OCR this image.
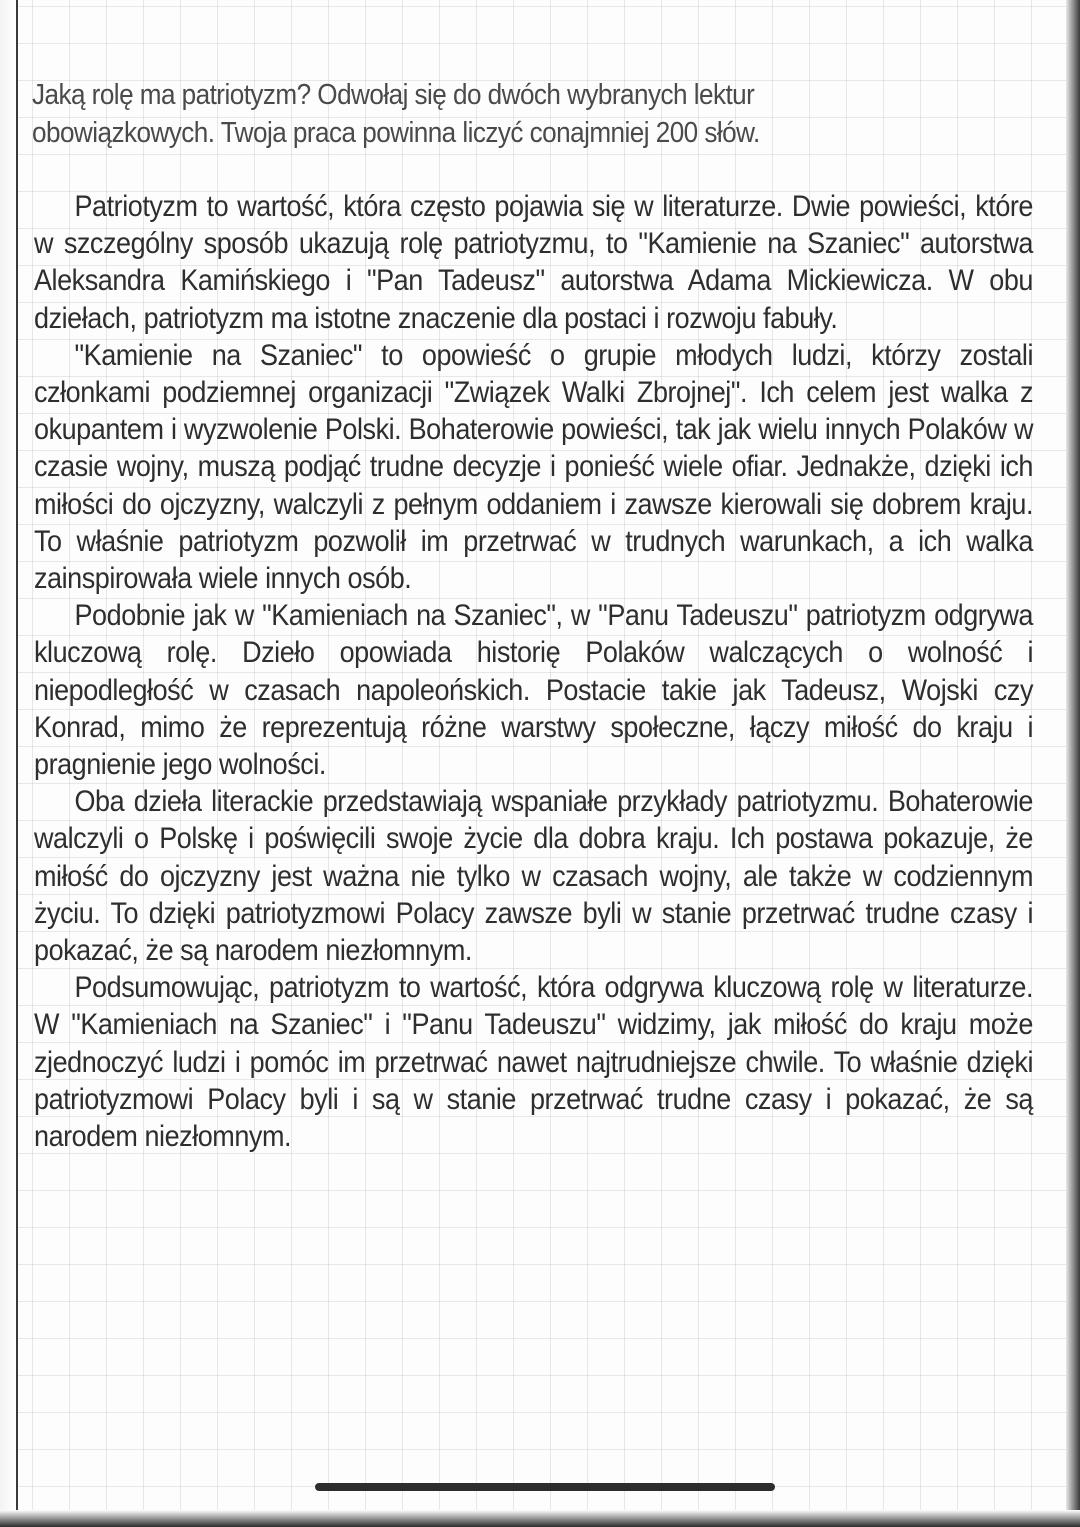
Jaką rolę ma patriotyzm? Odwołaj się do dwóch wybranych lektur obowiązkowych. Twoja praca powinna liczyć conajmniej 200 słów.

Patriotyzm to wartość, która często pojawia się w literaturze. Dwie powieści, które w szczególny sposób ukazują rolę patriotyzmu, to "Kamienie na Szaniec" autorstwa Aleksandra Kamińskiego i "Pan Tadeusz" autorstwa Adama Mickiewicza. W obu dziełach, patriotyzm ma istotne znaczenie dla postaci i rozwoju fabuły.

"Kamienie na Szaniec" to opowieść o grupie młodych ludzi, którzy zostali członkami podziemnej organizacji "Związek Walki Zbrojnej". Ich celem jest walka z okupantem i wyzwolenie Polski. Bohaterowie powieści, tak jak wielu innych Polaków w czasie wojny, muszą podjąć trudne decyzje i ponieść wiele ofiar. Jednakże, dzięki ich miłości do ojczyzny, walczyli z pełnym oddaniem i zawsze kierowali się dobrem kraju. To właśnie patriotyzm pozwolił im przetrwać w trudnych warunkach, a ich walka zainspirowała wiele innych osób.

Podobnie jak w "Kamieniach na Szaniec", w "Panu Tadeuszu" patriotyzm odgrywa kluczową rolę. Dzieło opowiada historię Polaków walczących o wolność i niepodległość w czasach napoleońskich. Postacie takie jak Tadeusz, Wojski czy Konrad, mimo że reprezentują różne warstwy społeczne, łączy miłość do kraju i pragnienie jego wolności.

Oba dzieła literackie przedstawiają wspaniałe przykłady patriotyzmu. Bohaterowie walczyli o Polskę i poświęcili swoje życie dla dobra kraju. Ich postawa pokazuje, że miłość do ojczyzny jest ważna nie tylko w czasach wojny, ale także w codziennym życiu. To dzięki patriotyzmowi Polacy zawsze byli w stanie przetrwać trudne czasy i pokazać, że są narodem niezłomnym.

Podsumowując, patriotyzm to wartość, która odgrywa kluczową rolę w literaturze. W "Kamieniach na Szaniec" i "Panu Tadeuszu" widzimy, jak miłość do kraju może zjednoczyć ludzi i pomóc im przetrwać nawet najtrudniejsze chwile. To właśnie dzięki patriotyzmowi Polacy byli i są w stanie przetrwać trudne czasy i pokazać, że są narodem niezłomnym.
